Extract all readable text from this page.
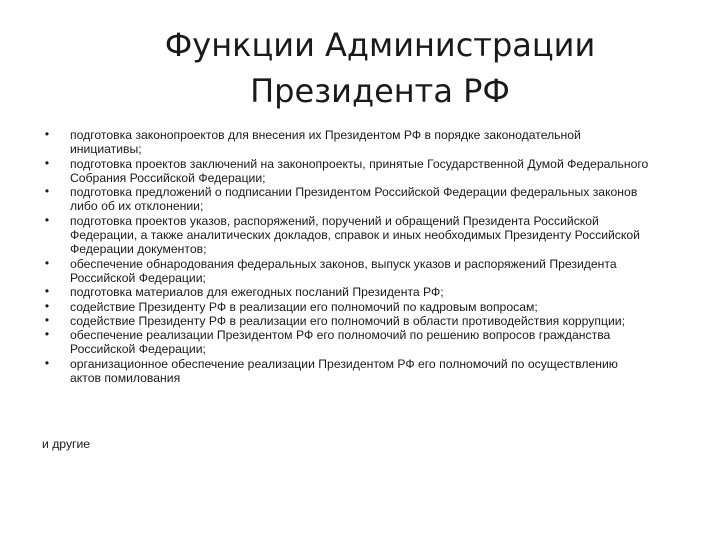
Функции Администрации
Президента РФ
• подготовка законопроектов для внесения их Президентом РФ в порядке законодательной инициативы;
• подготовка проектов заключений на законопроекты, принятые Государственной Думой Федерального Собрания Российской Федерации;
• подготовка предложений о подписании Президентом Российской Федерации федеральных законов либо об их отклонении;
• подготовка проектов указов, распоряжений, поручений и обращений Президента Российской Федерации, а также аналитических докладов, справок и иных необходимых Президенту Российской Федерации документов;
• обеспечение обнародования федеральных законов, выпуск указов и распоряжений Президента Российской Федерации;
• подготовка материалов для ежегодных посланий Президента РФ;
• содействие Президенту РФ в реализации его полномочий по кадровым вопросам;
• содействие Президенту РФ в реализации его полномочий в области противодействия коррупции;
• обеспечение реализации Президентом РФ его полномочий по решению вопросов гражданства Российской Федерации;
• организационное обеспечение реализации Президентом РФ его полномочий по осуществлению актов помилования
и другие
